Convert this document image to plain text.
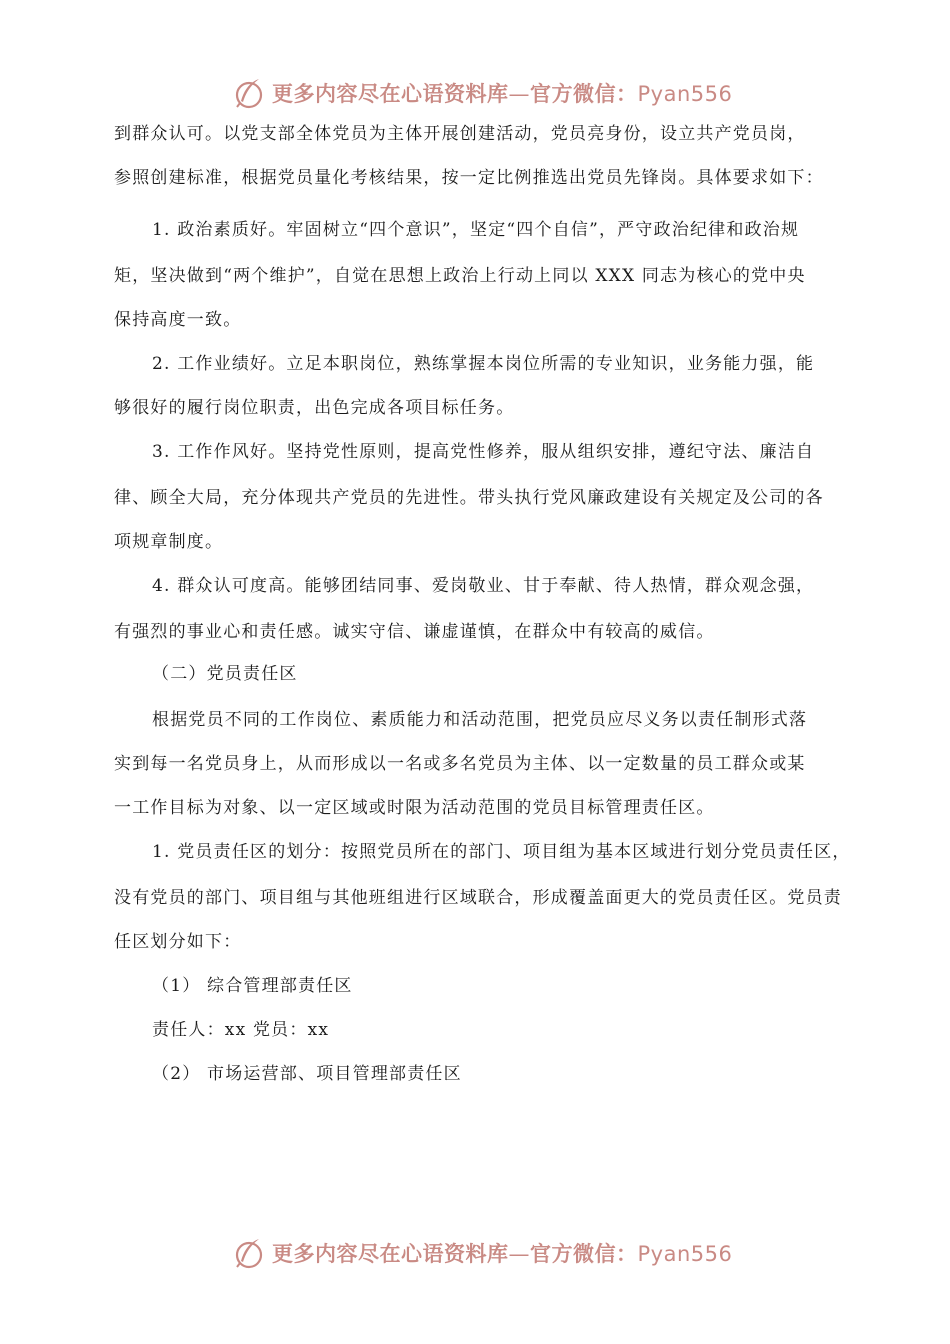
更多内容尽在心语资料库—官方微信：Pyan556
到群众认可。以党支部全体党员为主体开展创建活动，党员亮身份，设立共产党员岗，
参照创建标准，根据党员量化考核结果，按一定比例推选出党员先锋岗。具体要求如下：
1. 政治素质好。牢固树立“四个意识”，坚定“四个自信”，严守政治纪律和政治规
矩，坚决做到“两个维护”，自觉在思想上政治上行动上同以 XXX 同志为核心的党中央
保持高度一致。
2. 工作业绩好。立足本职岗位，熟练掌握本岗位所需的专业知识，业务能力强，能
够很好的履行岗位职责，出色完成各项目标任务。
3. 工作作风好。坚持党性原则，提高党性修养，服从组织安排，遵纪守法、廉洁自
律、顾全大局，充分体现共产党员的先进性。带头执行党风廉政建设有关规定及公司的各
项规章制度。
4. 群众认可度高。能够团结同事、爱岗敬业、甘于奉献、待人热情，群众观念强，
有强烈的事业心和责任感。诚实守信、谦虚谨慎，在群众中有较高的威信。
（二）党员责任区
根据党员不同的工作岗位、素质能力和活动范围，把党员应尽义务以责任制形式落
实到每一名党员身上，从而形成以一名或多名党员为主体、以一定数量的员工群众或某
一工作目标为对象、以一定区域或时限为活动范围的党员目标管理责任区。
1. 党员责任区的划分：按照党员所在的部门、项目组为基本区域进行划分党员责任区，
没有党员的部门、项目组与其他班组进行区域联合，形成覆盖面更大的党员责任区。党员责
任区划分如下：
（1） 综合管理部责任区
责任人：xx 党员：xx
（2） 市场运营部、项目管理部责任区
更多内容尽在心语资料库—官方微信：Pyan556
